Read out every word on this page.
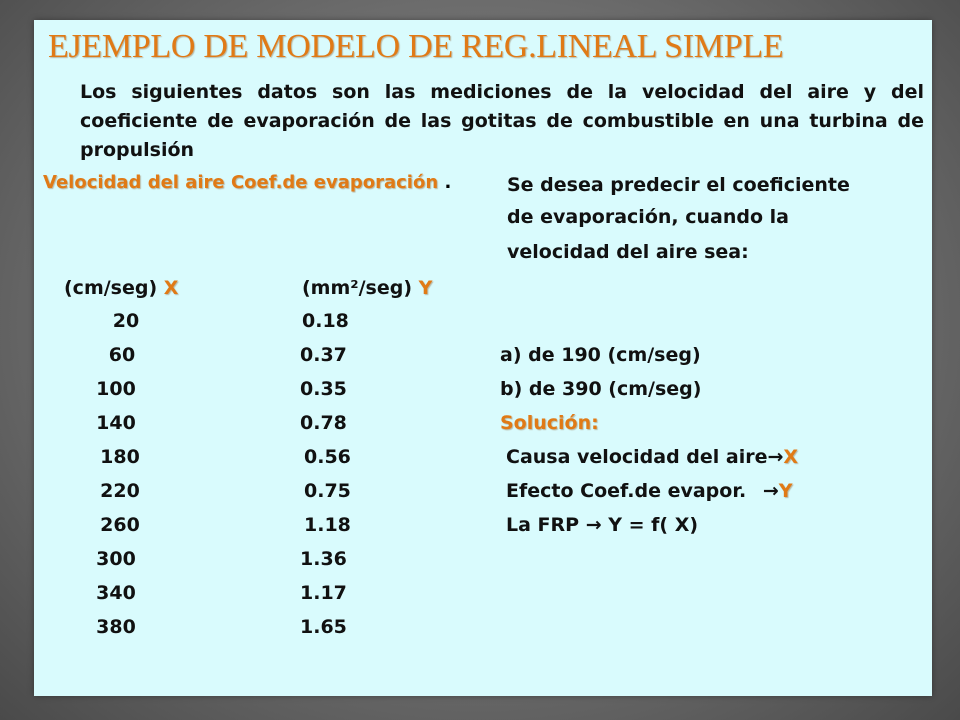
EJEMPLO DE MODELO DE REG.LINEAL SIMPLE
Los siguientes datos son las mediciones de la velocidad del aire y del coeficiente de evaporación de las gotitas de combustible en una turbina de propulsión
Velocidad del aire Coef.de evaporación .	Se desea predecir el coeficiente
de evaporación, cuando la
velocidad del aire sea:
(cm/seg) X	(mm²/seg) Y
20	0.18
60	0.37
100	0.35
140	0.78
180	0.56
220	0.75
260	1.18
300	1.36
340	1.17
380	1.65
a) de 190 (cm/seg)
b) de 390 (cm/seg)
Solución:
Causa velocidad del aire→X
Efecto Coef.de evapor. →Y
La FRP → Y = f( X)
